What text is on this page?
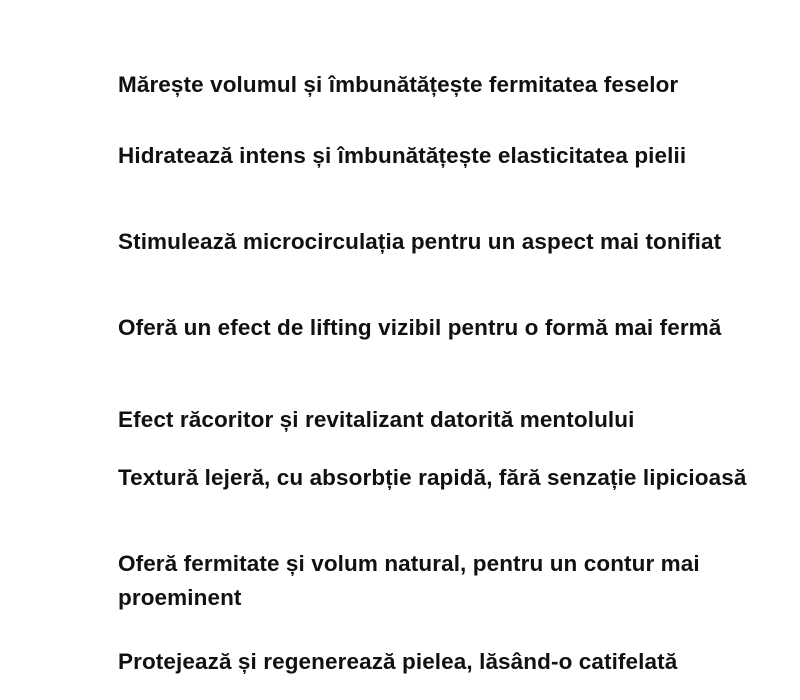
Mărește volumul și îmbunătățește fermitatea feselor

Hidratează intens și îmbunătățește elasticitatea pielii

Stimulează microcirculația pentru un aspect mai tonifiat

Oferă un efect de lifting vizibil pentru o formă mai fermă

Efect răcoritor și revitalizant datorită mentolului

Textură lejeră, cu absorbție rapidă, fără senzație lipicioasă

Oferă fermitate și volum natural, pentru un contur mai proeminent

Protejează și regenerează pielea, lăsând-o catifelată
